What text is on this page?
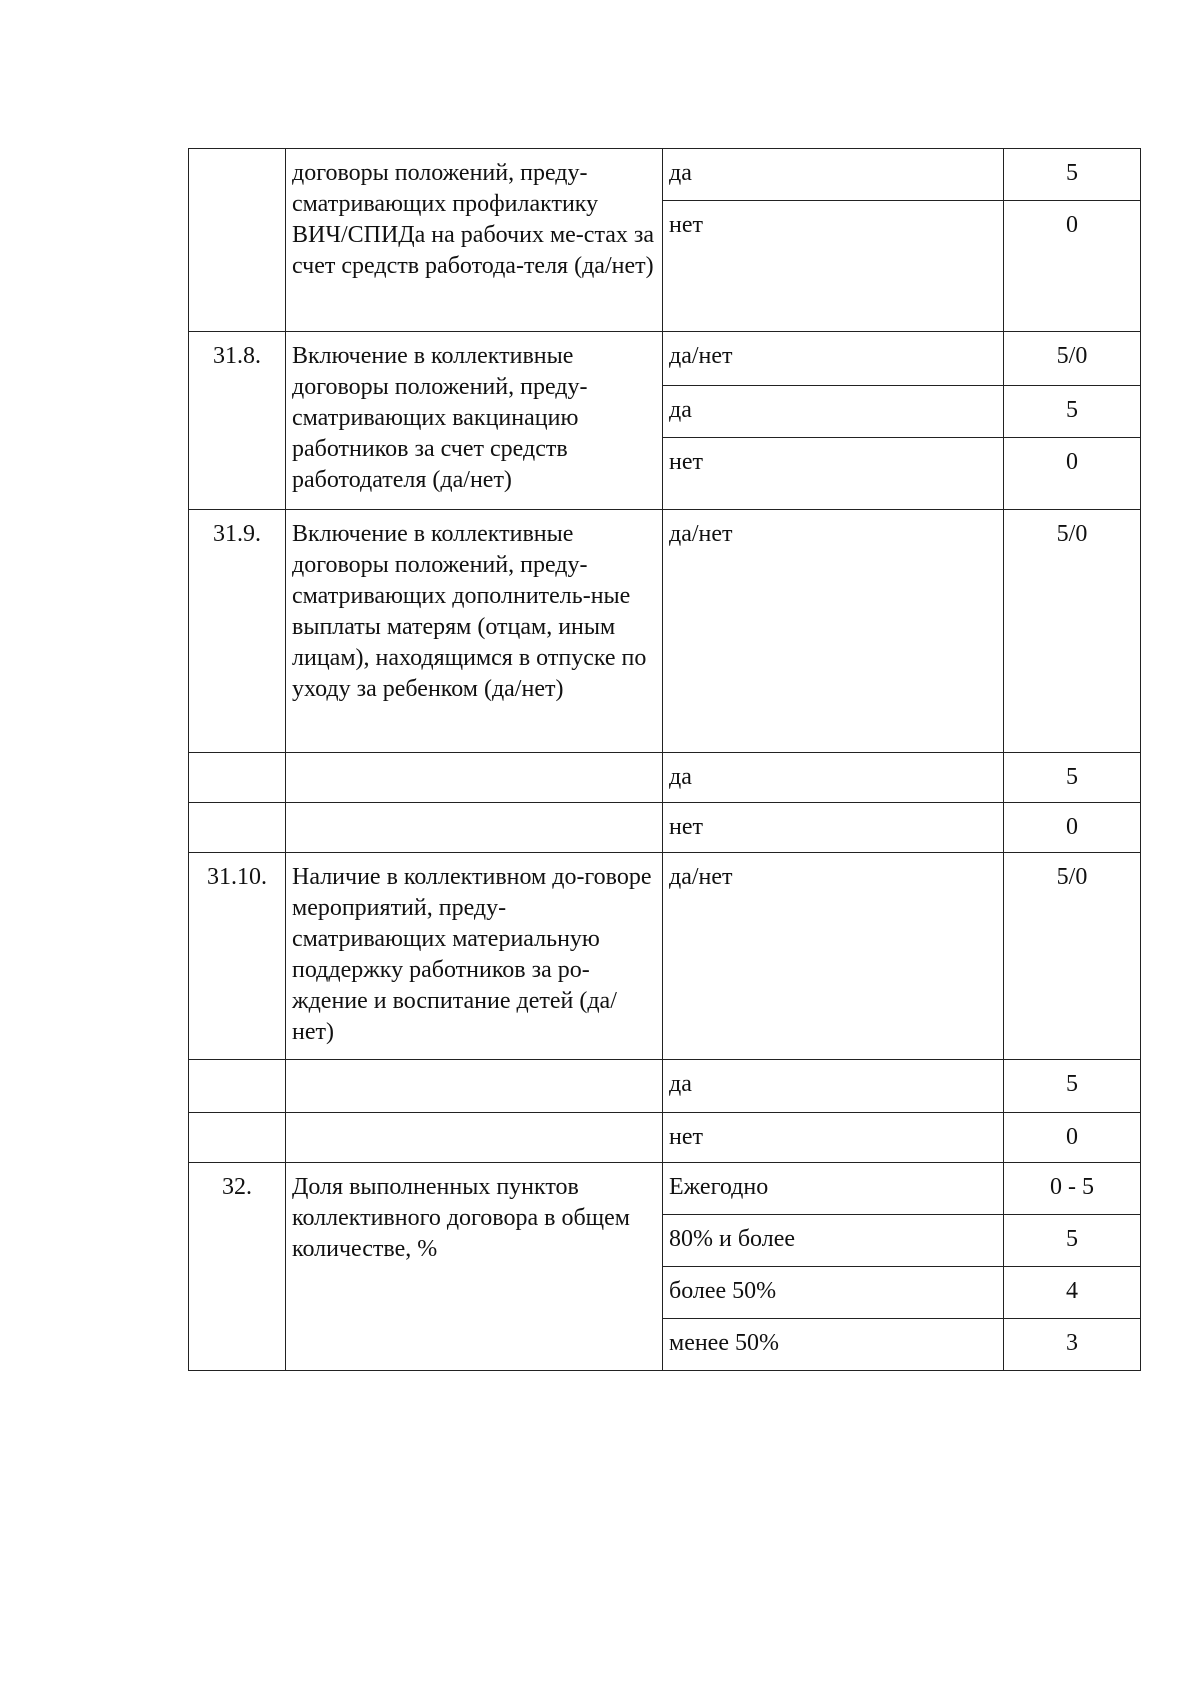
	договоры положений, преду-сматривающих профилактику ВИЧ/СПИДа на рабочих ме-стах за счет средств работода-теля (да/нет)	да	5
		нет	0
31.8.	Включение в коллективные договоры положений, преду-сматривающих вакцинацию работников за счет средств работодателя (да/нет)	да/нет	5/0
		да	5
		нет	0
31.9.	Включение в коллективные договоры положений, преду-сматривающих дополнитель-ные выплаты матерям (отцам, иным лицам), находящимся в отпуске по уходу за ребенком (да/нет)	да/нет	5/0
		да	5
		нет	0
31.10.	Наличие в коллективном до-говоре мероприятий, преду-сматривающих материальную поддержку работников за ро-ждение и воспитание детей (да/нет)	да/нет	5/0
		да	5
		нет	0
32.	Доля выполненных пунктов коллективного договора в общем количестве, %	Ежегодно	0 - 5
		80% и более	5
		более 50%	4
		менее 50%	3
